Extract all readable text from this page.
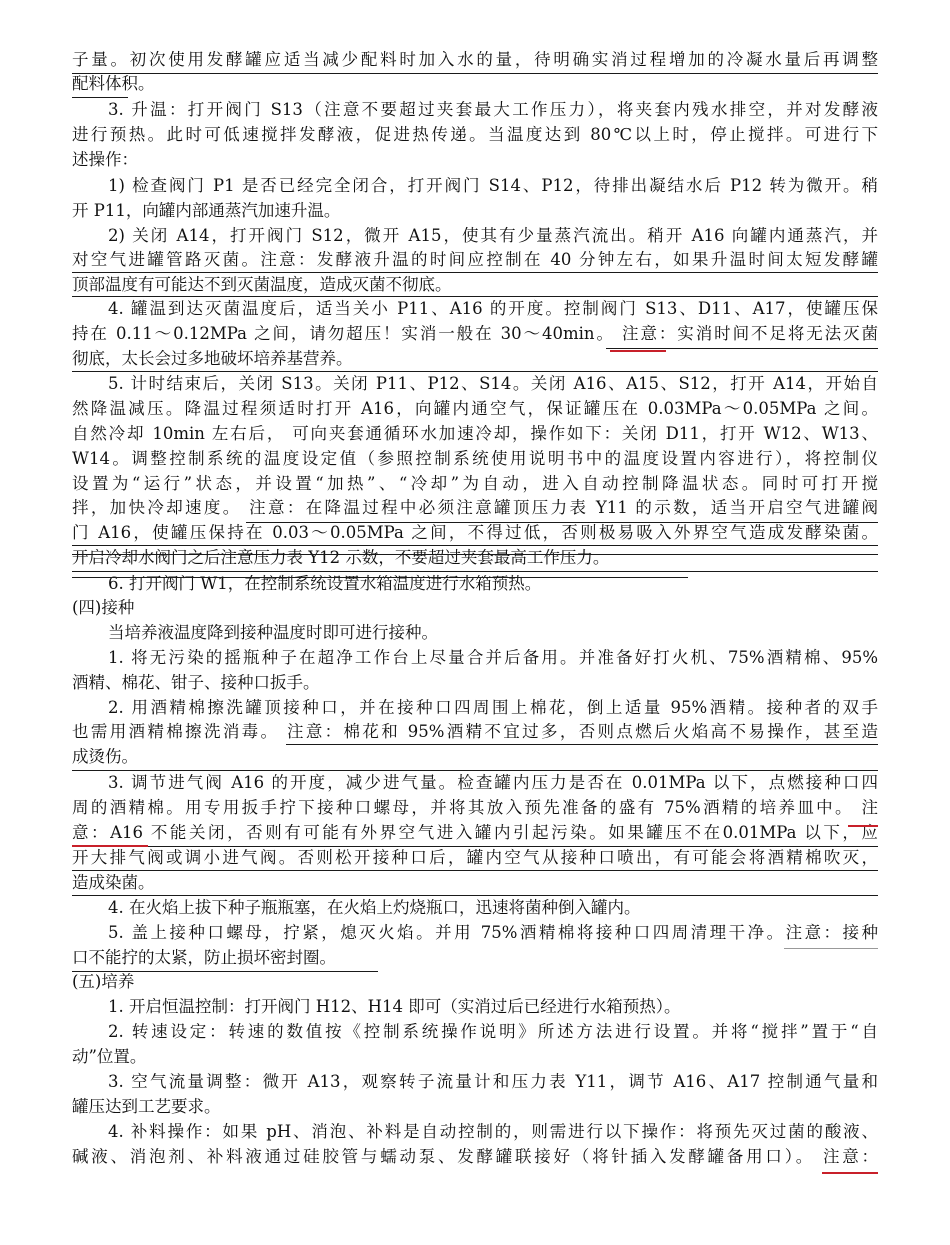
子量。初次使用发酵罐应适当减少配料时加入水的量，待明确实消过程增加的冷凝水量后再调整
配料体积。
3. 升温：打开阀门 S13（注意不要超过夹套最大工作压力），将夹套内残水排空，并对发酵液
进行预热。此时可低速搅拌发酵液，促进热传递。当温度达到 80℃以上时，停止搅拌。可进行下
述操作：
1) 检查阀门 P1 是否已经完全闭合，打开阀门 S14、P12，待排出凝结水后 P12 转为微开。稍
开 P11，向罐内部通蒸汽加速升温。
2) 关闭 A14，打开阀门 S12，微开 A15，使其有少量蒸汽流出。稍开 A16 向罐内通蒸汽，并
对空气进罐管路灭菌。注意：发酵液升温的时间应控制在 40 分钟左右，如果升温时间太短发酵罐
顶部温度有可能达不到灭菌温度，造成灭菌不彻底。
4. 罐温到达灭菌温度后，适当关小 P11、A16 的开度。控制阀门 S13、D11、A17，使罐压保
持在 0.11～0.12MPa 之间，请勿超压！实消一般在 30～40min。 注意：实消时间不足将无法灭菌
彻底，太长会过多地破坏培养基营养。
5. 计时结束后，关闭 S13。关闭 P11、P12、S14。关闭 A16、A15、S12，打开 A14，开始自
然降温减压。降温过程须适时打开 A16，向罐内通空气，保证罐压在 0.03MPa～0.05MPa 之间。
自然冷却 10min 左右后， 可向夹套通循环水加速冷却，操作如下：关闭 D11，打开 W12、W13、
W14。调整控制系统的温度设定值（参照控制系统使用说明书中的温度设置内容进行），将控制仪
设置为“运行”状态，并设置“加热”、“冷却”为自动，进入自动控制降温状态。同时可打开搅
拌，加快冷却速度。 注意：在降温过程中必须注意罐顶压力表 Y11 的示数，适当开启空气进罐阀
门 A16，使罐压保持在 0.03～0.05MPa 之间，不得过低，否则极易吸入外界空气造成发酵染菌。
开启冷却水阀门之后注意压力表 Y12 示数，不要超过夹套最高工作压力。
6. 打开阀门 W1，在控制系统设置水箱温度进行水箱预热。
(四)接种
当培养液温度降到接种温度时即可进行接种。
1. 将无污染的摇瓶种子在超净工作台上尽量合并后备用。并准备好打火机、75%酒精棉、95%
酒精、棉花、钳子、接种口扳手。
2. 用酒精棉擦洗罐顶接种口，并在接种口四周围上棉花，倒上适量 95%酒精。接种者的双手
也需用酒精棉擦洗消毒。 注意：棉花和 95%酒精不宜过多，否则点燃后火焰高不易操作，甚至造
成烫伤。
3. 调节进气阀 A16 的开度，减少进气量。检查罐内压力是否在 0.01MPa 以下，点燃接种口四
周的酒精棉。用专用扳手拧下接种口螺母，并将其放入预先准备的盛有 75%酒精的培养皿中。 注
意：A16 不能关闭，否则有可能有外界空气进入罐内引起污染。如果罐压不在0.01MPa 以下，应
开大排气阀或调小进气阀。否则松开接种口后，罐内空气从接种口喷出，有可能会将酒精棉吹灭，
造成染菌。
4. 在火焰上拔下种子瓶瓶塞，在火焰上灼烧瓶口，迅速将菌种倒入罐内。
5. 盖上接种口螺母，拧紧，熄灭火焰。并用 75%酒精棉将接种口四周清理干净。注意：接种
口不能拧的太紧，防止损坏密封圈。
(五)培养
1. 开启恒温控制：打开阀门 H12、H14 即可（实消过后已经进行水箱预热）。
2. 转速设定：转速的数值按《控制系统操作说明》所述方法进行设置。并将“搅拌”置于“自
动”位置。
3. 空气流量调整：微开 A13，观察转子流量计和压力表 Y11，调节 A16、A17 控制通气量和
罐压达到工艺要求。
4. 补料操作：如果 pH、消泡、补料是自动控制的，则需进行以下操作：将预先灭过菌的酸液、
碱液、消泡剂、补料液通过硅胶管与蠕动泵、发酵罐联接好（将针插入发酵罐备用口）。 注意：
